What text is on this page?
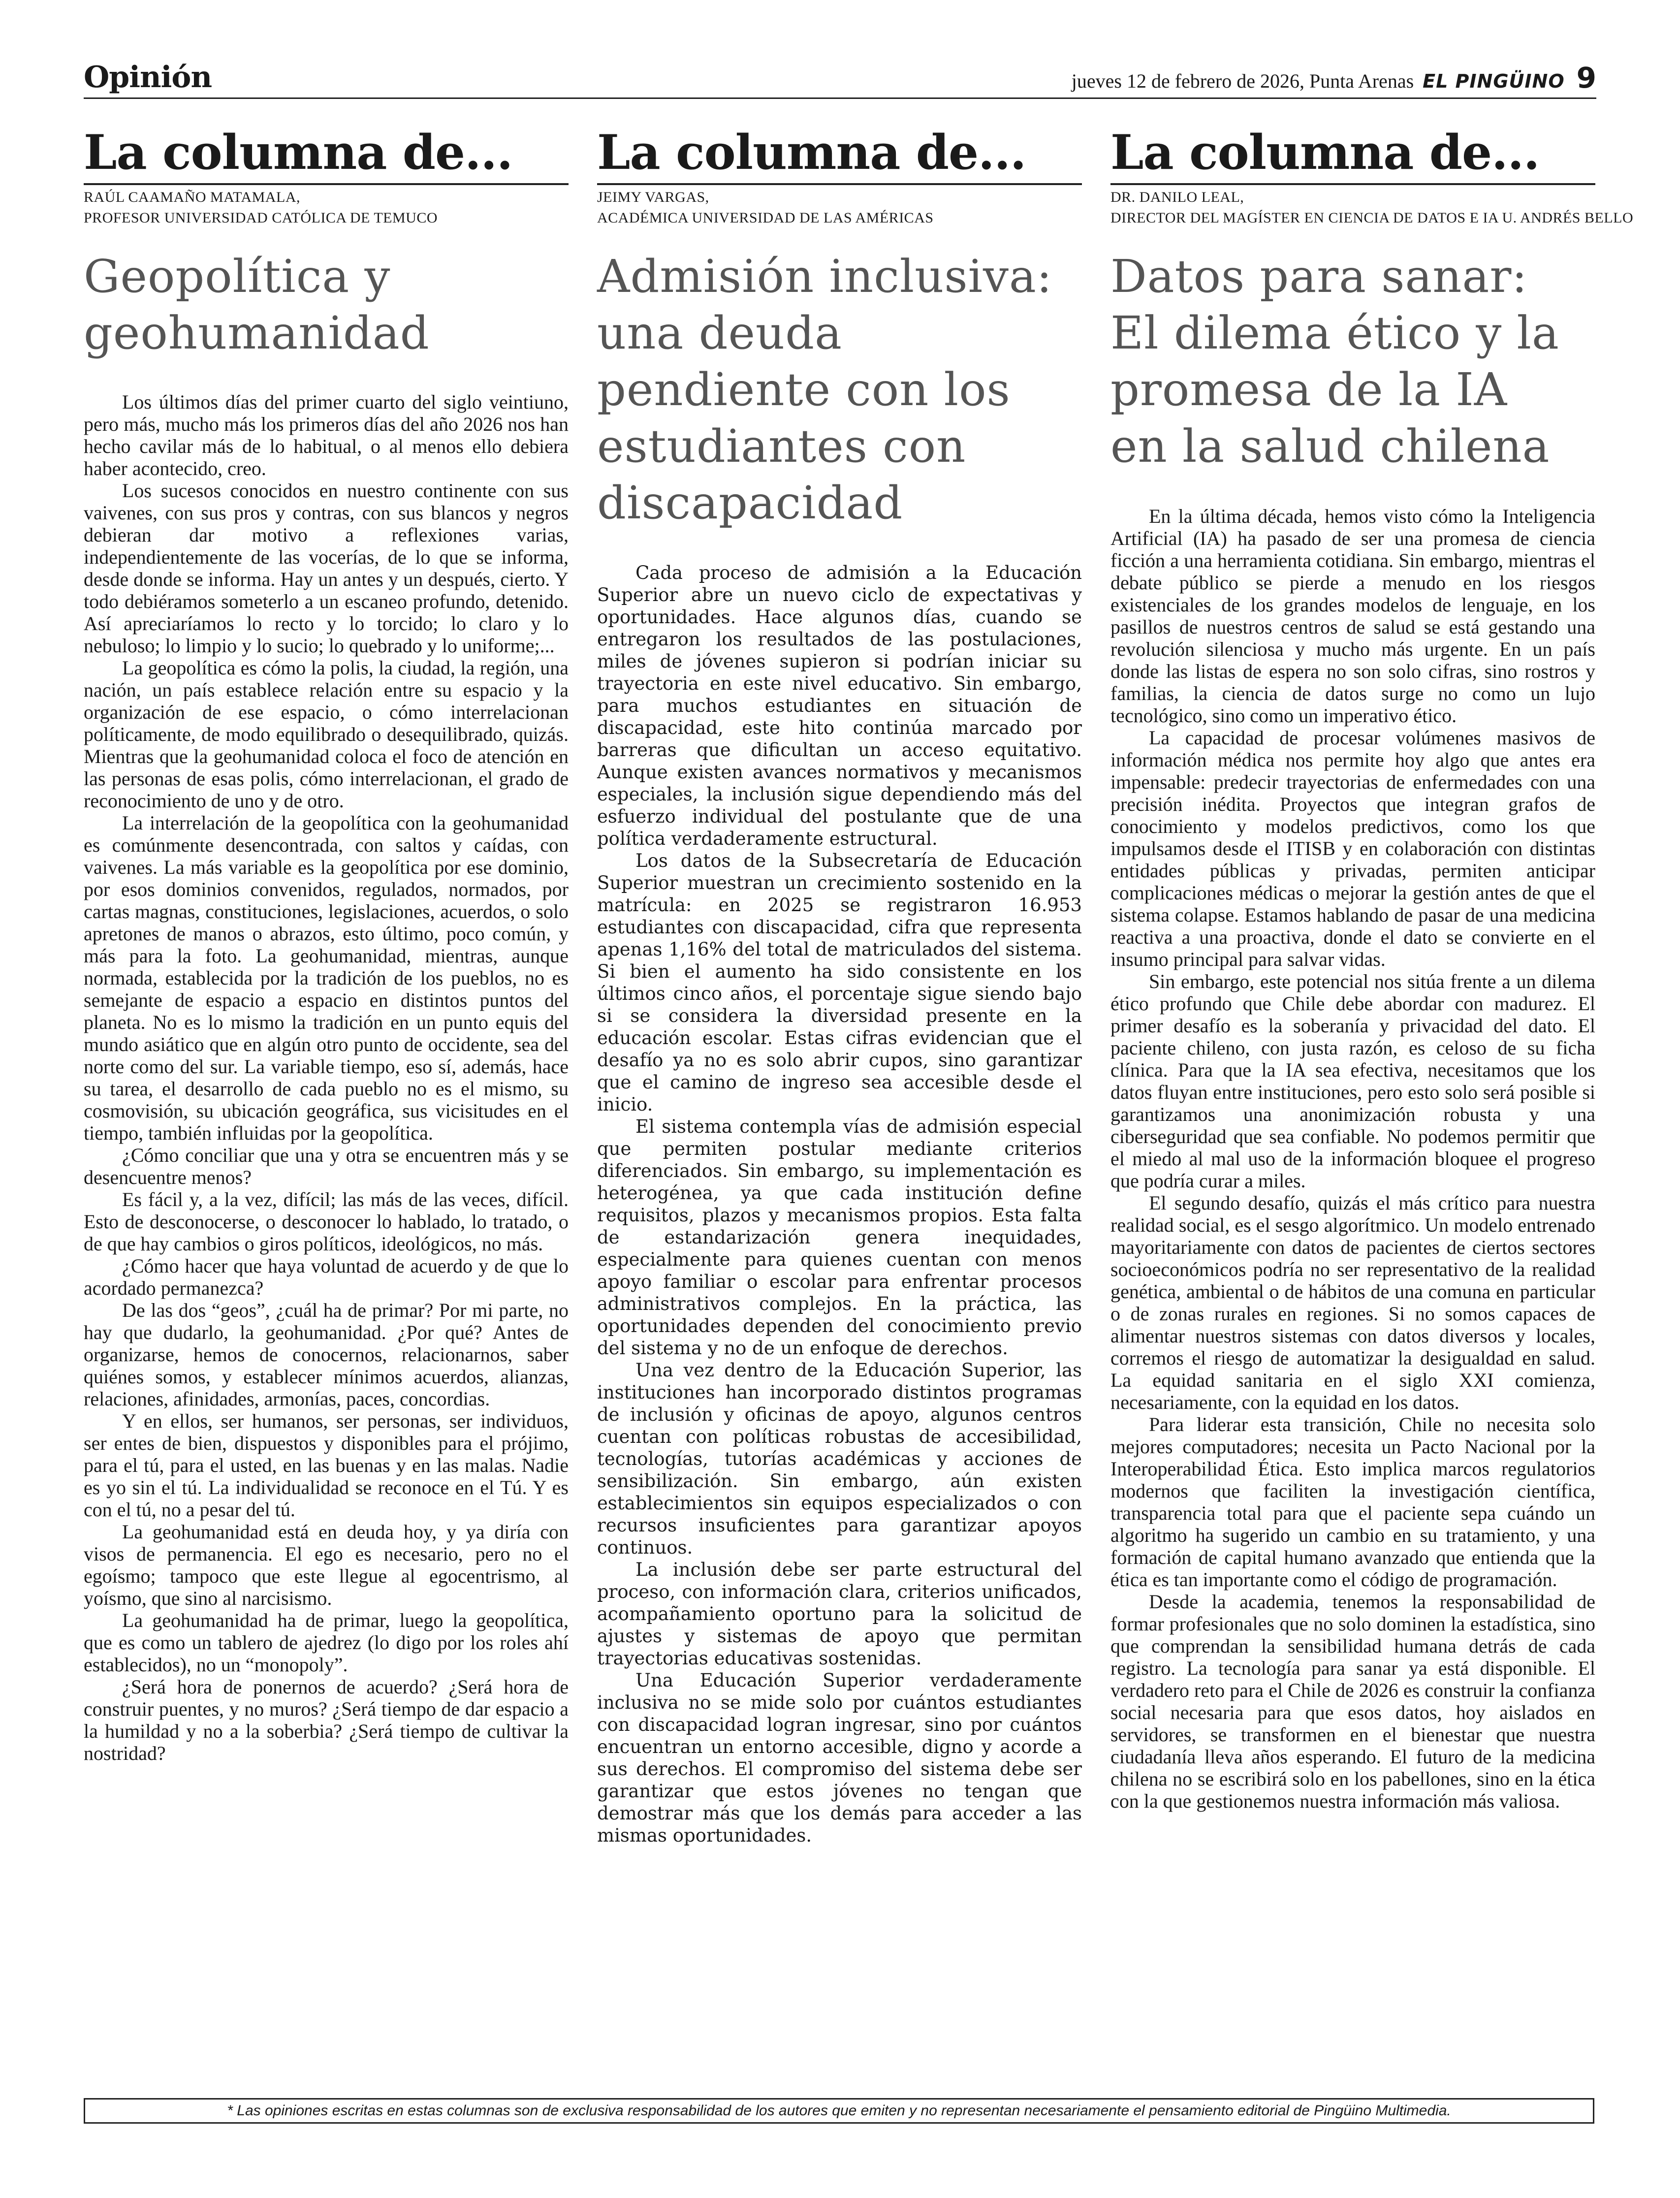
Opinión	jueves 12 de febrero de 2026, Punta Arenas EL PINGÜINO 9
La columna de...
RAÚL CAAMAÑO MATAMALA,
PROFESOR UNIVERSIDAD CATÓLICA DE TEMUCO
Geopolítica y
geohumanidad

Los últimos días del primer cuarto del siglo veintiuno, pero más, mucho más los primeros días del año 2026 nos han hecho cavilar más de lo habitual, o al menos ello debiera haber acontecido, creo.

Los sucesos conocidos en nuestro continente con sus vaivenes, con sus pros y contras, con sus blancos y negros debieran dar motivo a reflexiones varias, independientemente de las vocerías, de lo que se informa, desde donde se informa. Hay un antes y un después, cierto. Y todo debiéramos someterlo a un escaneo profundo, detenido. Así apreciaríamos lo recto y lo torcido; lo claro y lo nebuloso; lo limpio y lo sucio; lo quebrado y lo uniforme;...

La geopolítica es cómo la polis, la ciudad, la región, una nación, un país establece relación entre su espacio y la organización de ese espacio, o cómo interrelacionan políticamente, de modo equilibrado o desequilibrado, quizás. Mientras que la geohumanidad coloca el foco de atención en las personas de esas polis, cómo interrelacionan, el grado de reconocimiento de uno y de otro.

La interrelación de la geopolítica con la geohumanidad es comúnmente desencontrada, con saltos y caídas, con vaivenes. La más variable es la geopolítica por ese dominio, por esos dominios convenidos, regulados, normados, por cartas magnas, constituciones, legislaciones, acuerdos, o solo apretones de manos o abrazos, esto último, poco común, y más para la foto. La geohumanidad, mientras, aunque normada, establecida por la tradición de los pueblos, no es semejante de espacio a espacio en distintos puntos del planeta. No es lo mismo la tradición en un punto equis del mundo asiático que en algún otro punto de occidente, sea del norte como del sur. La variable tiempo, eso sí, además, hace su tarea, el desarrollo de cada pueblo no es el mismo, su cosmovisión, su ubicación geográfica, sus vicisitudes en el tiempo, también influidas por la geopolítica.

¿Cómo conciliar que una y otra se encuentren más y se desencuentre menos?

Es fácil y, a la vez, difícil; las más de las veces, difícil. Esto de desconocerse, o desconocer lo hablado, lo tratado, o de que hay cambios o giros políticos, ideológicos, no más.

¿Cómo hacer que haya voluntad de acuerdo y de que lo acordado permanezca?

De las dos “geos”, ¿cuál ha de primar? Por mi parte, no hay que dudarlo, la geohumanidad. ¿Por qué? Antes de organizarse, hemos de conocernos, relacionarnos, saber quiénes somos, y establecer mínimos acuerdos, alianzas, relaciones, afinidades, armonías, paces, concordias.

Y en ellos, ser humanos, ser personas, ser individuos, ser entes de bien, dispuestos y disponibles para el prójimo, para el tú, para el usted, en las buenas y en las malas. Nadie es yo sin el tú. La individualidad se reconoce en el Tú. Y es con el tú, no a pesar del tú.

La geohumanidad está en deuda hoy, y ya diría con visos de permanencia. El ego es necesario, pero no el egoísmo; tampoco que este llegue al egocentrismo, al yoísmo, que sino al narcisismo.

La geohumanidad ha de primar, luego la geopolítica, que es como un tablero de ajedrez (lo digo por los roles ahí establecidos), no un “monopoly”.

¿Será hora de ponernos de acuerdo? ¿Será hora de construir puentes, y no muros? ¿Será tiempo de dar espacio a la humildad y no a la soberbia? ¿Será tiempo de cultivar la nostridad?

La columna de...
JEIMY VARGAS,
ACADÉMICA UNIVERSIDAD DE LAS AMÉRICAS
Admisión inclusiva:
una deuda
pendiente con los
estudiantes con
discapacidad

Cada proceso de admisión a la Educación Superior abre un nuevo ciclo de expectativas y oportunidades. Hace algunos días, cuando se entregaron los resultados de las postulaciones, miles de jóvenes supieron si podrían iniciar su trayectoria en este nivel educativo. Sin embargo, para muchos estudiantes en situación de discapacidad, este hito continúa marcado por barreras que dificultan un acceso equitativo. Aunque existen avances normativos y mecanismos especiales, la inclusión sigue dependiendo más del esfuerzo individual del postulante que de una política verdaderamente estructural.

Los datos de la Subsecretaría de Educación Superior muestran un crecimiento sostenido en la matrícula: en 2025 se registraron 16.953 estudiantes con discapacidad, cifra que representa apenas 1,16% del total de matriculados del sistema. Si bien el aumento ha sido consistente en los últimos cinco años, el porcentaje sigue siendo bajo si se considera la diversidad presente en la educación escolar. Estas cifras evidencian que el desafío ya no es solo abrir cupos, sino garantizar que el camino de ingreso sea accesible desde el inicio.

El sistema contempla vías de admisión especial que permiten postular mediante criterios diferenciados. Sin embargo, su implementación es heterogénea, ya que cada institución define requisitos, plazos y mecanismos propios. Esta falta de estandarización genera inequidades, especialmente para quienes cuentan con menos apoyo familiar o escolar para enfrentar procesos administrativos complejos. En la práctica, las oportunidades dependen del conocimiento previo del sistema y no de un enfoque de derechos.

Una vez dentro de la Educación Superior, las instituciones han incorporado distintos programas de inclusión y oficinas de apoyo, algunos centros cuentan con políticas robustas de accesibilidad, tecnologías, tutorías académicas y acciones de sensibilización. Sin embargo, aún existen establecimientos sin equipos especializados o con recursos insuficientes para garantizar apoyos continuos.

La inclusión debe ser parte estructural del proceso, con información clara, criterios unificados, acompañamiento oportuno para la solicitud de ajustes y sistemas de apoyo que permitan trayectorias educativas sostenidas.

Una Educación Superior verdaderamente inclusiva no se mide solo por cuántos estudiantes con discapacidad logran ingresar, sino por cuántos encuentran un entorno accesible, digno y acorde a sus derechos. El compromiso del sistema debe ser garantizar que estos jóvenes no tengan que demostrar más que los demás para acceder a las mismas oportunidades.

La columna de...
DR. DANILO LEAL,
DIRECTOR DEL MAGÍSTER EN CIENCIA DE DATOS E IA U. ANDRÉS BELLO
Datos para sanar:
El dilema ético y la
promesa de la IA
en la salud chilena

En la última década, hemos visto cómo la Inteligencia Artificial (IA) ha pasado de ser una promesa de ciencia ficción a una herramienta cotidiana. Sin embargo, mientras el debate público se pierde a menudo en los riesgos existenciales de los grandes modelos de lenguaje, en los pasillos de nuestros centros de salud se está gestando una revolución silenciosa y mucho más urgente. En un país donde las listas de espera no son solo cifras, sino rostros y familias, la ciencia de datos surge no como un lujo tecnológico, sino como un imperativo ético.

La capacidad de procesar volúmenes masivos de información médica nos permite hoy algo que antes era impensable: predecir trayectorias de enfermedades con una precisión inédita. Proyectos que integran grafos de conocimiento y modelos predictivos, como los que impulsamos desde el ITISB y en colaboración con distintas entidades públicas y privadas, permiten anticipar complicaciones médicas o mejorar la gestión antes de que el sistema colapse. Estamos hablando de pasar de una medicina reactiva a una proactiva, donde el dato se convierte en el insumo principal para salvar vidas.

Sin embargo, este potencial nos sitúa frente a un dilema ético profundo que Chile debe abordar con madurez. El primer desafío es la soberanía y privacidad del dato. El paciente chileno, con justa razón, es celoso de su ficha clínica. Para que la IA sea efectiva, necesitamos que los datos fluyan entre instituciones, pero esto solo será posible si garantizamos una anonimización robusta y una ciberseguridad que sea confiable. No podemos permitir que el miedo al mal uso de la información bloquee el progreso que podría curar a miles.

El segundo desafío, quizás el más crítico para nuestra realidad social, es el sesgo algorítmico. Un modelo entrenado mayoritariamente con datos de pacientes de ciertos sectores socioeconómicos podría no ser representativo de la realidad genética, ambiental o de hábitos de una comuna en particular o de zonas rurales en regiones. Si no somos capaces de alimentar nuestros sistemas con datos diversos y locales, corremos el riesgo de automatizar la desigualdad en salud. La equidad sanitaria en el siglo XXI comienza, necesariamente, con la equidad en los datos.

Para liderar esta transición, Chile no necesita solo mejores computadores; necesita un Pacto Nacional por la Interoperabilidad Ética. Esto implica marcos regulatorios modernos que faciliten la investigación científica, transparencia total para que el paciente sepa cuándo un algoritmo ha sugerido un cambio en su tratamiento, y una formación de capital humano avanzado que entienda que la ética es tan importante como el código de programación.

Desde la academia, tenemos la responsabilidad de formar profesionales que no solo dominen la estadística, sino que comprendan la sensibilidad humana detrás de cada registro. La tecnología para sanar ya está disponible. El verdadero reto para el Chile de 2026 es construir la confianza social necesaria para que esos datos, hoy aislados en servidores, se transformen en el bienestar que nuestra ciudadanía lleva años esperando. El futuro de la medicina chilena no se escribirá solo en los pabellones, sino en la ética con la que gestionemos nuestra información más valiosa.

* Las opiniones escritas en estas columnas son de exclusiva responsabilidad de los autores que emiten y no representan necesariamente el pensamiento editorial de Pingüino Multimedia.
